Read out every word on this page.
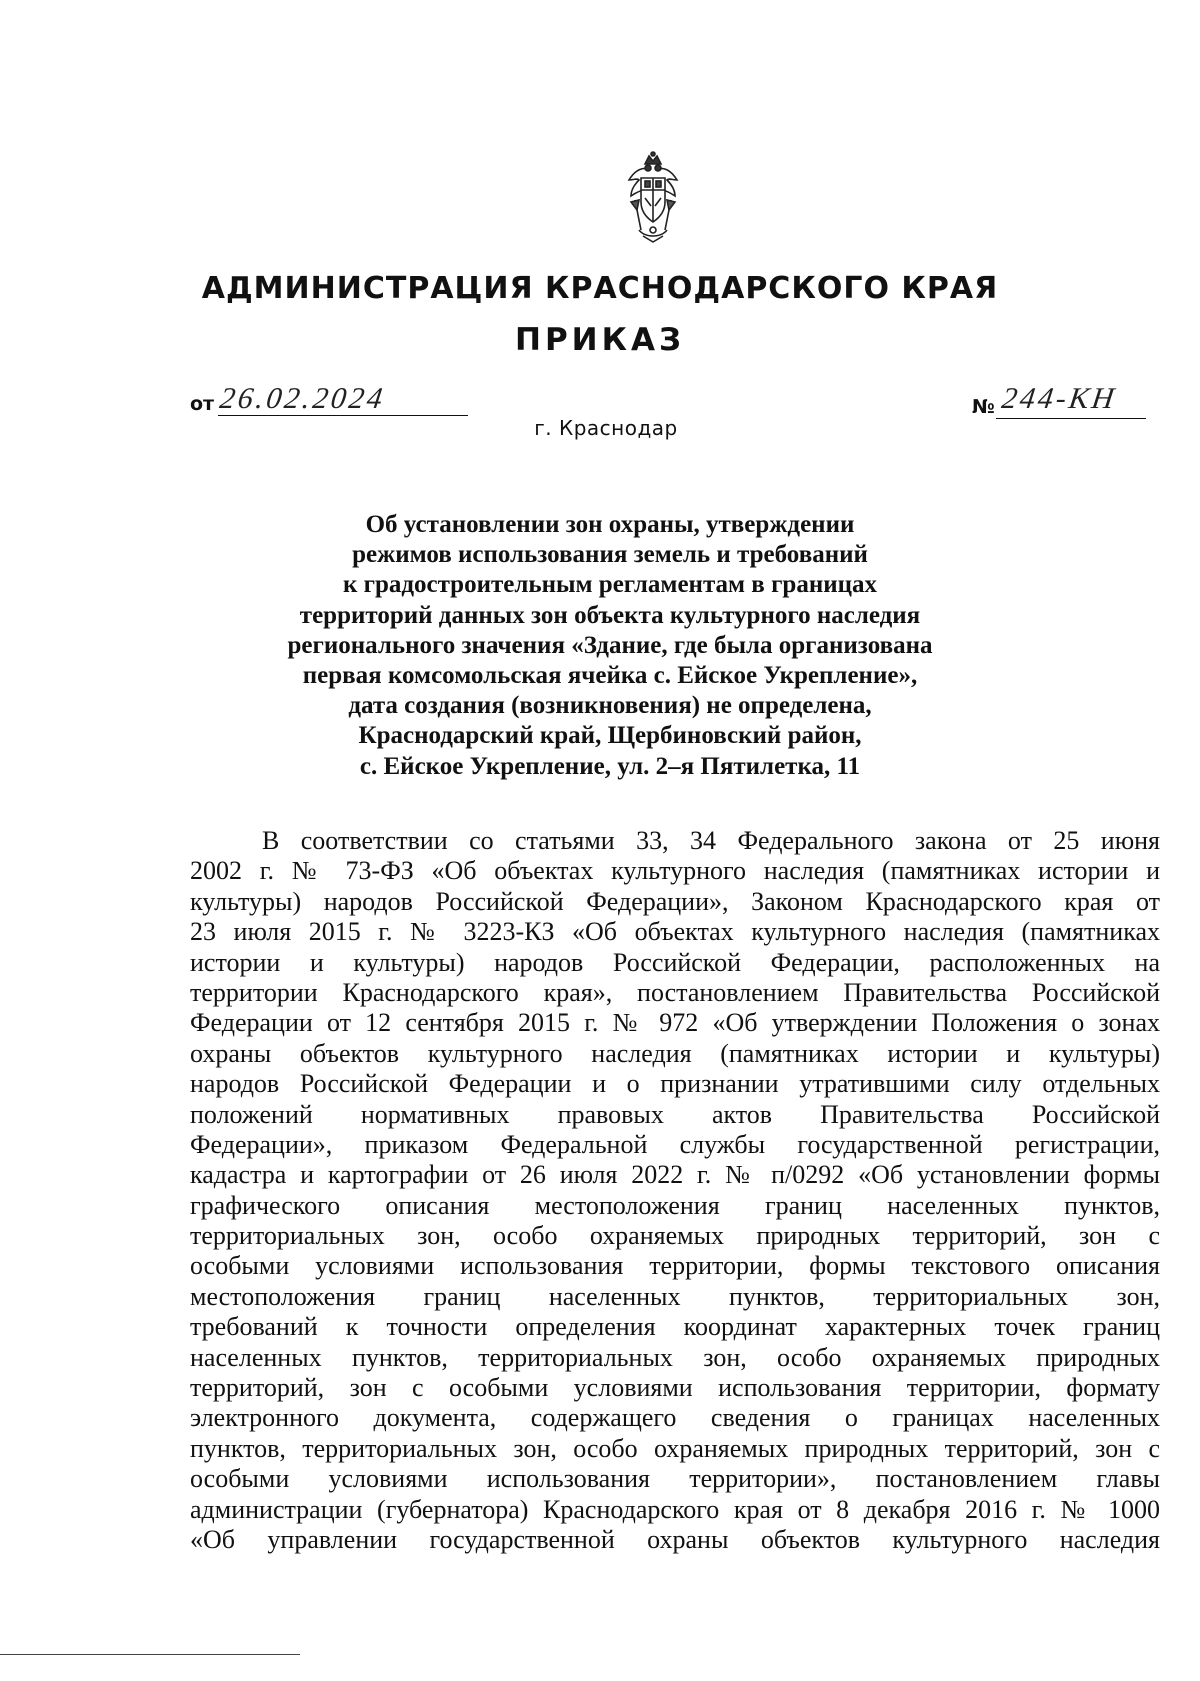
АДМИНИСТРАЦИЯ КРАСНОДАРСКОГО КРАЯ
ПРИКАЗ
от 26.02.2024	№ 244-КН
г. Краснодар

Об установлении зон охраны, утверждении
режимов использования земель и требований
к градостроительным регламентам в границах
территорий данных зон объекта культурного наследия
регионального значения «Здание, где была организована
первая комсомольская ячейка с. Ейское Укрепление»,
дата создания (возникновения) не определена,
Краснодарский край, Щербиновский район,
с. Ейское Укрепление, ул. 2–я Пятилетка, 11

В соответствии со статьями 33, 34 Федерального закона от 25 июня
2002 г. № 73-ФЗ «Об объектах культурного наследия (памятниках истории и
культуры) народов Российской Федерации», Законом Краснодарского края от
23 июля 2015 г. № 3223-КЗ «Об объектах культурного наследия (памятниках
истории и культуры) народов Российской Федерации, расположенных на
территории Краснодарского края», постановлением Правительства Российской
Федерации от 12 сентября 2015 г. № 972 «Об утверждении Положения о зонах
охраны объектов культурного наследия (памятниках истории и культуры)
народов Российской Федерации и о признании утратившими силу отдельных
положений нормативных правовых актов Правительства Российской
Федерации», приказом Федеральной службы государственной регистрации,
кадастра и картографии от 26 июля 2022 г. № п/0292 «Об установлении формы
графического описания местоположения границ населенных пунктов,
территориальных зон, особо охраняемых природных территорий, зон с
особыми условиями использования территории, формы текстового описания
местоположения границ населенных пунктов, территориальных зон,
требований к точности определения координат характерных точек границ
населенных пунктов, территориальных зон, особо охраняемых природных
территорий, зон с особыми условиями использования территории, формату
электронного документа, содержащего сведения о границах населенных
пунктов, территориальных зон, особо охраняемых природных территорий, зон с
особыми условиями использования территории», постановлением главы
администрации (губернатора) Краснодарского края от 8 декабря 2016 г. № 1000
«Об управлении государственной охраны объектов культурного наследия
